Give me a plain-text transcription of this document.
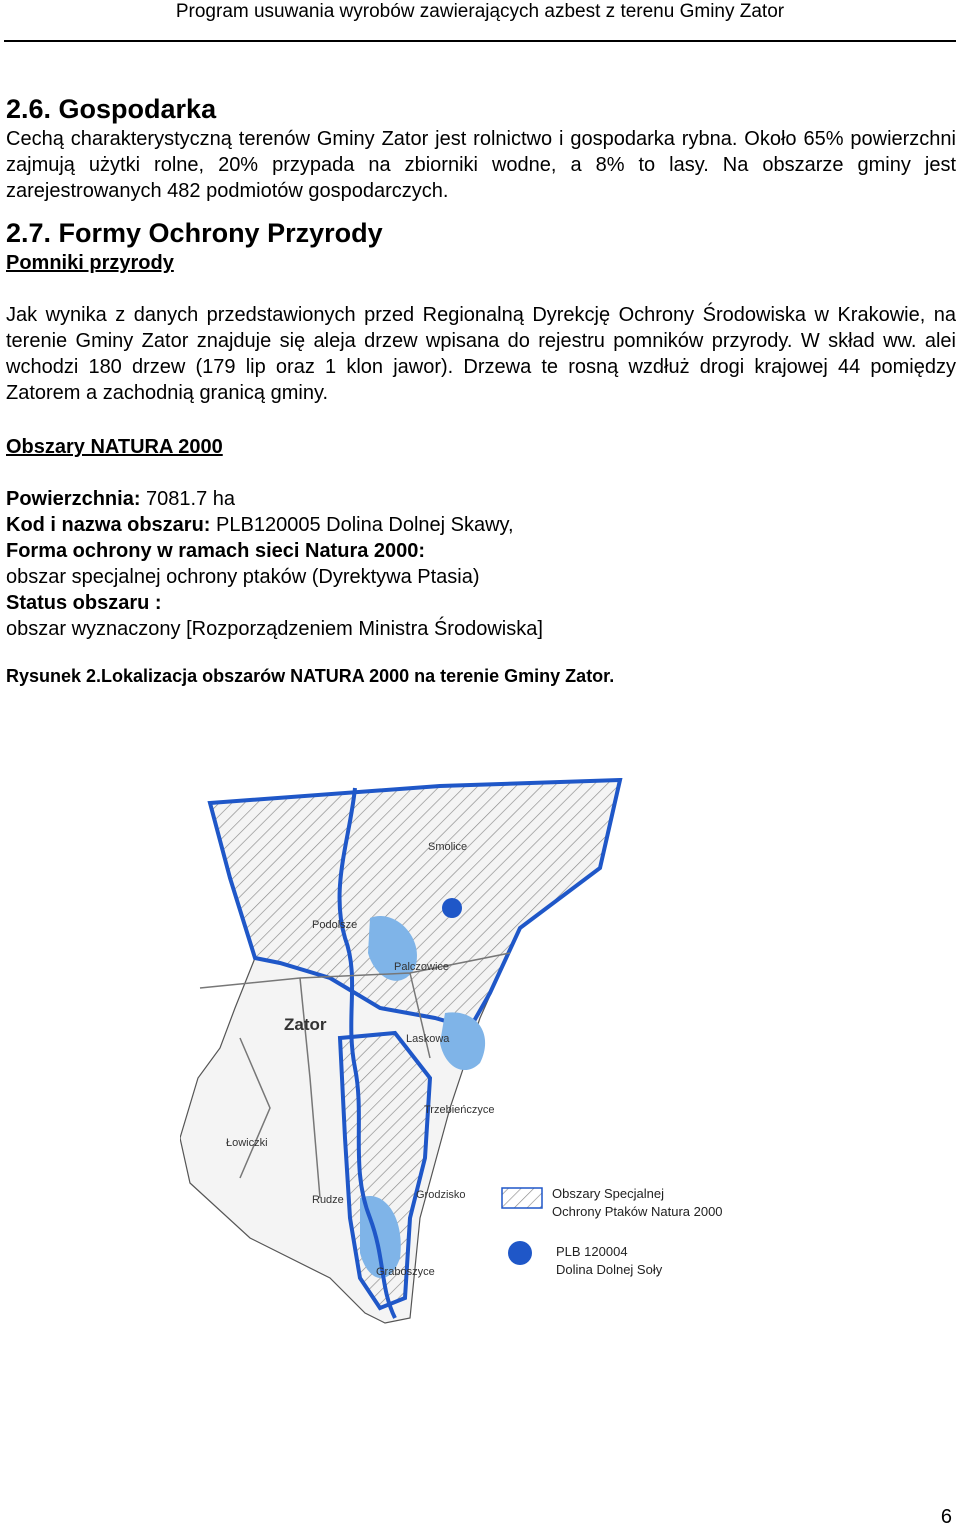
Program usuwania wyrobów zawierających azbest z terenu Gminy Zator
2.6. Gospodarka

Cechą charakterystyczną terenów Gminy Zator jest rolnictwo i gospodarka rybna. Około 65% powierzchni zajmują użytki rolne, 20% przypada na zbiorniki wodne, a 8% to lasy. Na obszarze gminy jest zarejestrowanych 482 podmiotów gospodarczych.

2.7. Formy Ochrony Przyrody

Pomniki przyrody

Jak wynika z danych przedstawionych przed Regionalną Dyrekcję Ochrony Środowiska w Krakowie, na terenie Gminy Zator znajduje się aleja drzew wpisana do rejestru pomników przyrody. W skład ww. alei wchodzi 180 drzew (179 lip oraz 1 klon jawor). Drzewa te rosną wzdłuż drogi krajowej 44 pomiędzy Zatorem a zachodnią granicą gminy.

Obszary NATURA 2000

Powierzchnia: 7081.7 ha

Kod i nazwa obszaru: PLB120005 Dolina Dolnej Skawy,

Forma ochrony w ramach sieci Natura 2000:

obszar specjalnej ochrony ptaków (Dyrektywa Ptasia)

Status obszaru :

obszar wyznaczony [Rozporządzeniem Ministra Środowiska]

Rysunek 2.Lokalizacja obszarów NATURA 2000 na terenie Gminy Zator.

Smolice
Podolsze
Palczowice
Zator
Laskowa
Trzebieńczyce
Łowiczki
Rudze	Grodzisko
Graboszyce
Obszary Specjalnej
Ochrony Ptaków Natura 2000
PLB 120004
Dolina Dolnej Soły
6
